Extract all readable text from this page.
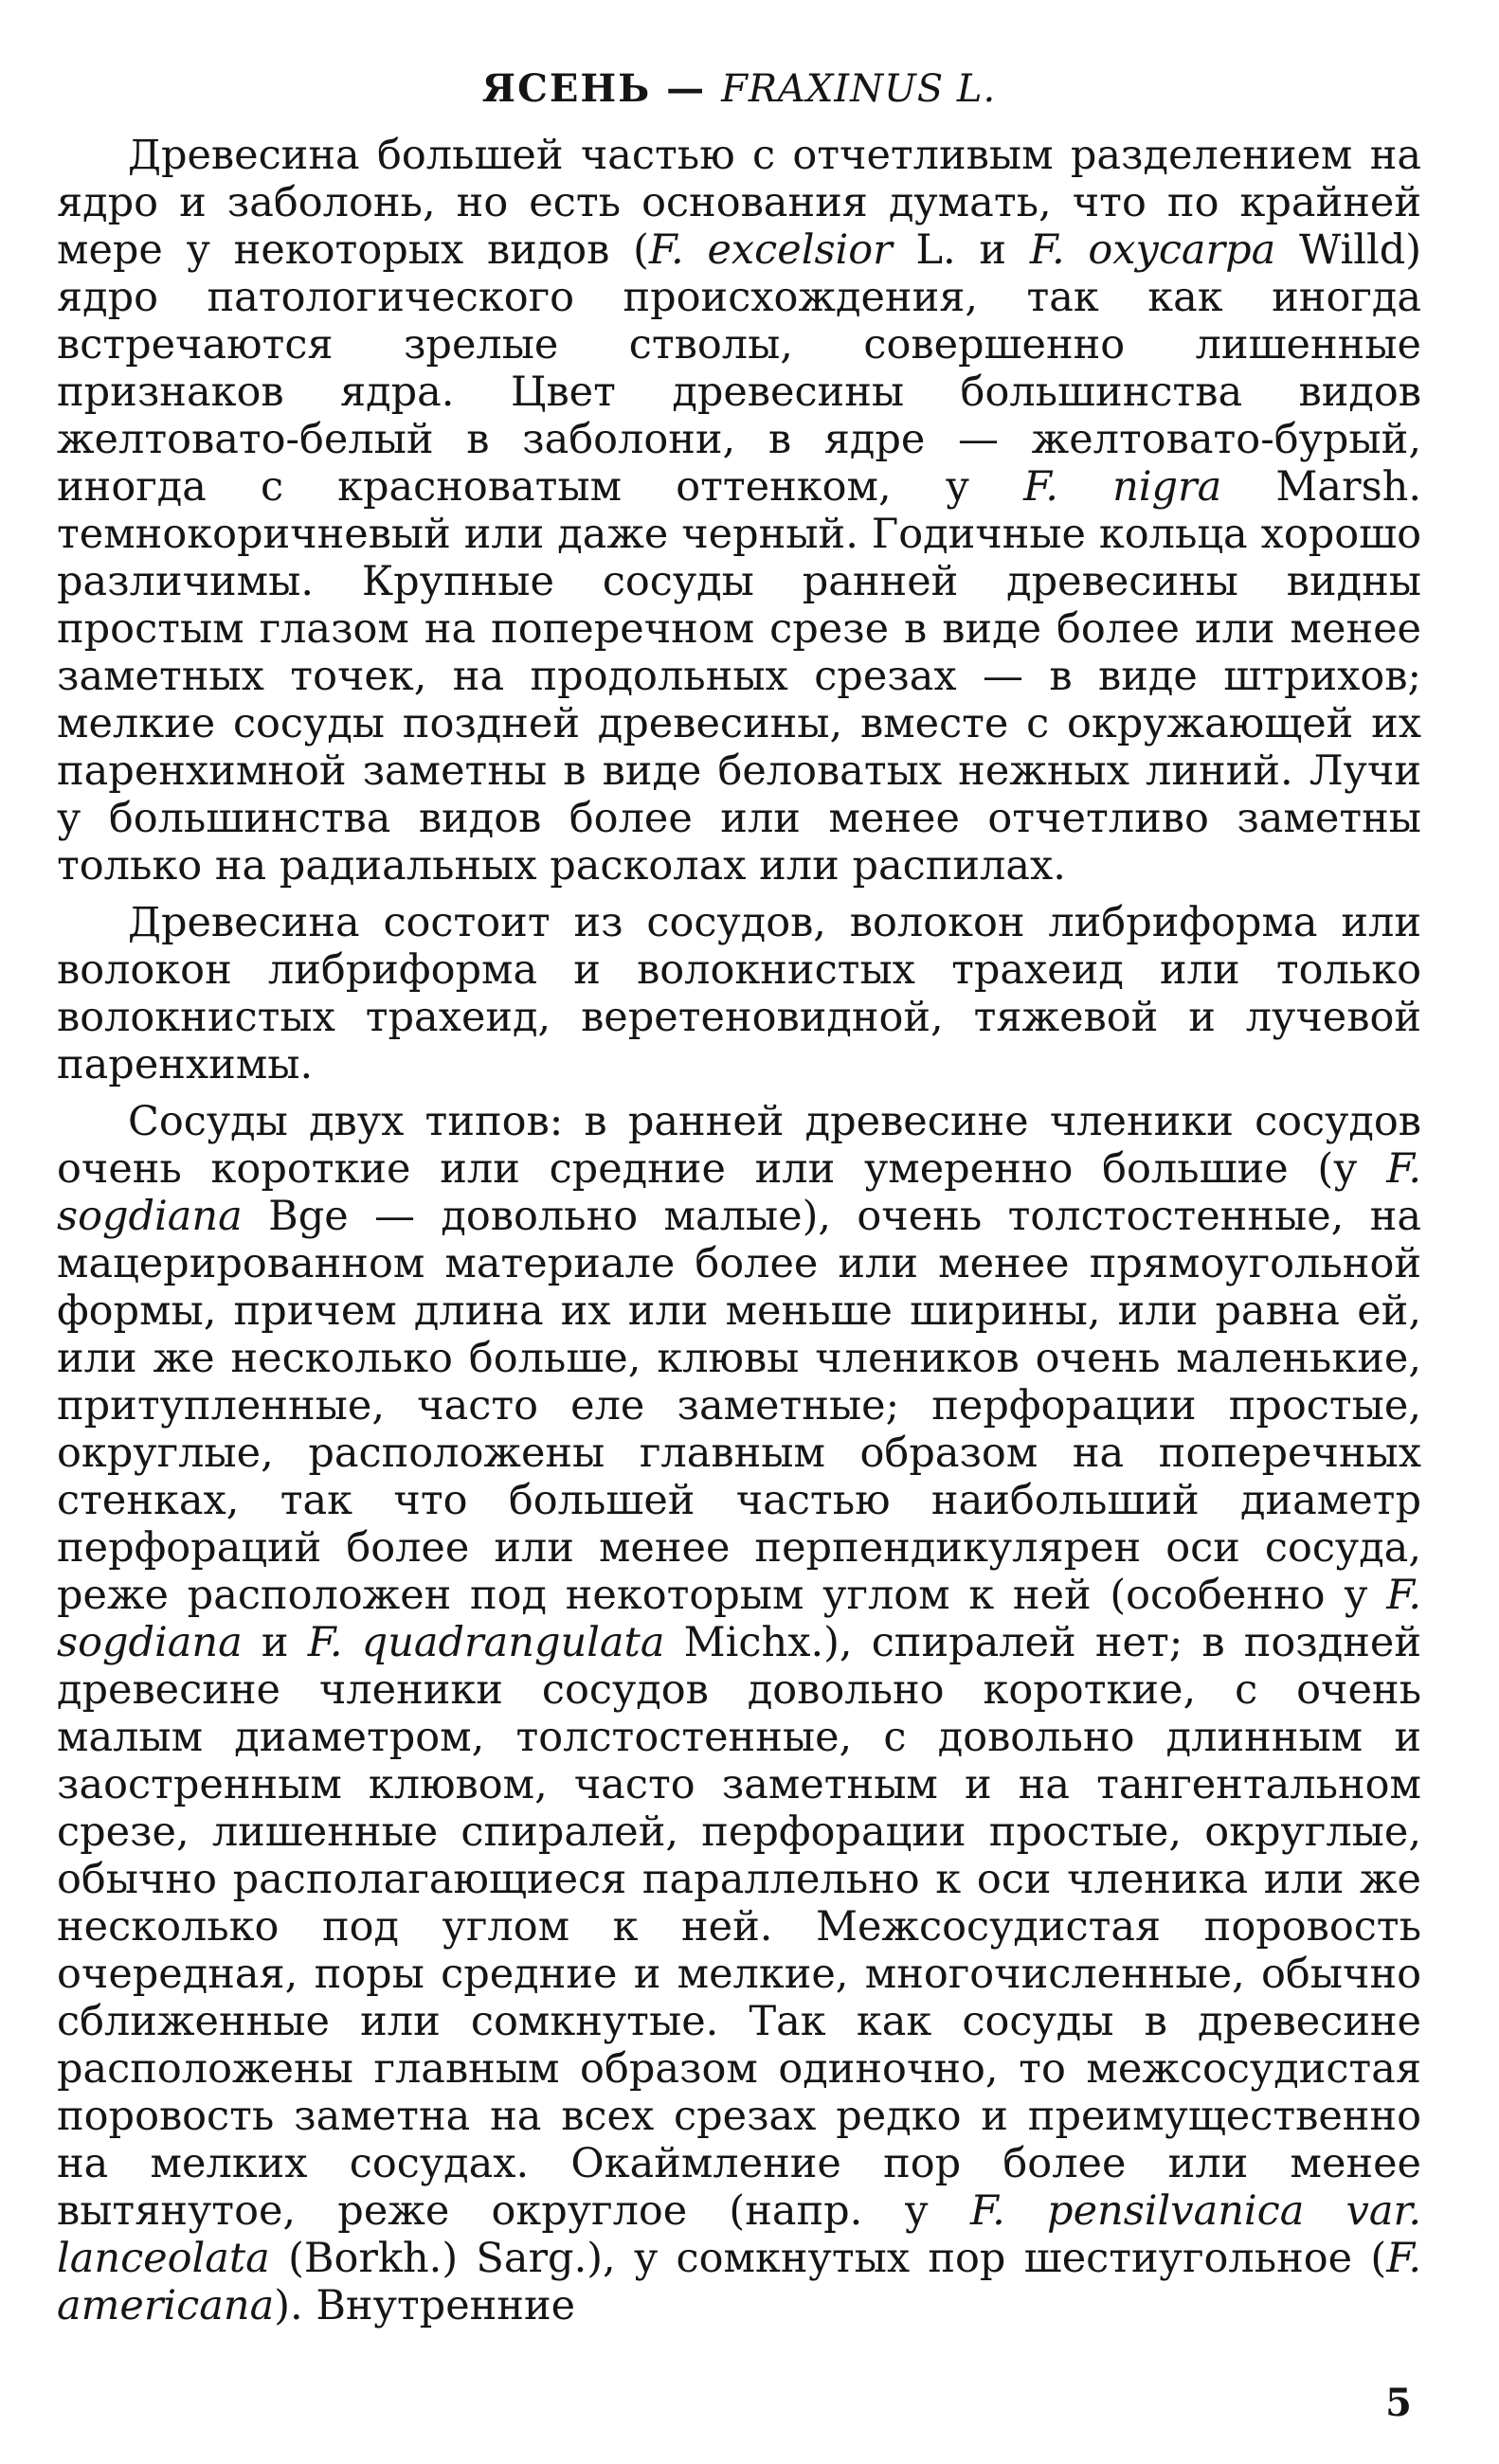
ЯСЕНЬ — FRAXINUS L.

Древесина большей частью с отчетливым разделением на ядро и заболонь, но есть основания думать, что по крайней мере у некоторых видов (F. excelsior L. и F. oxycarpa Willd) ядро патологического происхождения, так как иногда встречаются зрелые стволы, совершенно лишенные признаков ядра. Цвет древесины большинства видов желтовато-белый в заболони, в ядре — желтовато-бурый, иногда с красноватым оттенком, у F. nigra Marsh. темнокоричневый или даже черный. Годичные кольца хорошо различимы. Крупные сосуды ранней древесины видны простым глазом на поперечном срезе в виде более или менее заметных точек, на продольных срезах — в виде штрихов; мелкие сосуды поздней древесины, вместе с окружающей их паренхимной заметны в виде беловатых нежных линий. Лучи у большинства видов более или менее отчетливо заметны только на радиальных расколах или распилах.

Древесина состоит из сосудов, волокон либриформа или волокон либриформа и волокнистых трахеид или только волокнистых трахеид, веретеновидной, тяжевой и лучевой паренхимы.

Сосуды двух типов: в ранней древесине членики сосудов очень короткие или средние или умеренно большие (у F. sogdiana Bge — довольно малые), очень толстостенные, на мацерированном материале более или менее прямоугольной формы, причем длина их или меньше ширины, или равна ей, или же несколько больше, клювы члеников очень маленькие, притупленные, часто еле заметные; перфорации простые, округлые, расположены главным образом на поперечных стенках, так что большей частью наибольший диаметр перфораций более или менее перпендикулярен оси сосуда, реже расположен под некоторым углом к ней (особенно у F. sogdiana и F. quadrangulata Michx.), спиралей нет; в поздней древесине членики сосудов довольно короткие, с очень малым диаметром, толстостенные, с довольно длинным и заостренным клювом, часто заметным и на тангентальном срезе, лишенные спиралей, перфорации простые, округлые, обычно располагающиеся параллельно к оси членика или же несколько под углом к ней. Межсосудистая поровость очередная, поры средние и мелкие, многочисленные, обычно сближенные или сомкнутые. Так как сосуды в древесине расположены главным образом одиночно, то межсосудистая поровость заметна на всех срезах редко и преимущественно на мелких сосудах. Окаймление пор более или менее вытянутое, реже округлое (напр. у F. pensilvanica var. lanceolata (Borkh.) Sarg.), у сомкнутых пор шестиугольное (F. americana). Внутренние

5
